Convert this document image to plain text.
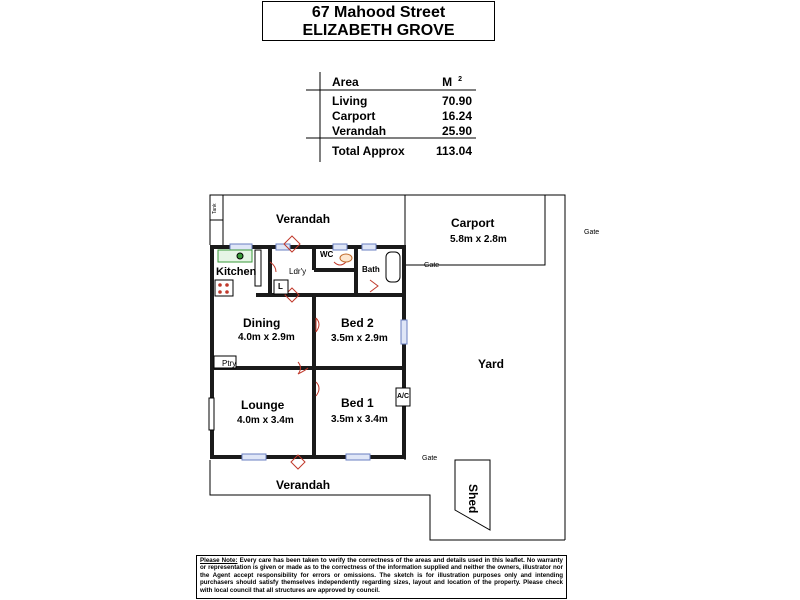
67 Mahood Street
ELIZABETH GROVE
Area	M $^2$
Living	70.90
Carport	16.24
Verandah	25.90
Total Approx	113.04
Verandah	Carport
5.8m x 2.8m
Kitchen	Ldr'y
WC
Bath
L
Dining
4.0m x 2.9m
Bed 2
3.5m x 2.9m
Ptry
Lounge
4.0m x 3.4m
Bed 1
3.5m x 3.4m
A/C
Yard
Verandah	Shed
Tank
Gate
Gate
Gate
Please Note: Every care has been taken to verify the correctness of the areas and details used in this leaflet. No warranty or representation is given or made as to the correctness of the information supplied and neither the owners, illustrator nor the Agent accept responsibility for errors or omissions. The sketch is for illustration purposes only and intending purchasers should satisfy themselves independently regarding sizes, layout and location of the property. Please check with local council that all structures are approved by council.
